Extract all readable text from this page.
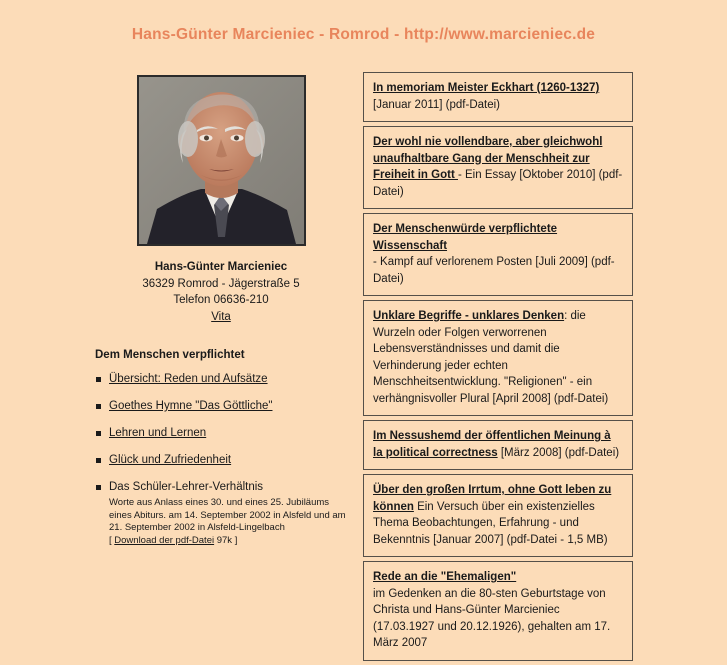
Hans-Günter Marcieniec - Romrod - http://www.marcieniec.de
Hans-Günter Marcieniec
36329 Romrod - Jägerstraße 5
Telefon 06636-210
Vita
Dem Menschen verpflichtet
Übersicht: Reden und Aufsätze
Goethes Hymne "Das Göttliche"
Lehren und Lernen
Glück und Zufriedenheit
Das Schüler-Lehrer-Verhältnis
Worte aus Anlass eines 30. und eines 25. Jubiläums eines Abiturs. am 14. September 2002 in Alsfeld und am 21. September 2002 in Alsfeld-Lingelbach
[ Download der pdf-Datei 97k ]
In memoriam Meister Eckhart (1260-1327)
[Januar 2011] (pdf-Datei)
Der wohl nie vollendbare, aber gleichwohl unaufhaltbare Gang der Menschheit zur Freiheit in Gott - Ein Essay [Oktober 2010] (pdf-Datei)
Der Menschenwürde verpflichtete Wissenschaft
- Kampf auf verlorenem Posten [Juli 2009] (pdf-Datei)
Unklare Begriffe - unklares Denken: die Wurzeln oder Folgen verworrenen Lebensverständnisses und damit die Verhinderung jeder echten Menschheitsentwicklung. "Religionen" - ein verhängnisvoller Plural [April 2008] (pdf-Datei)
Im Nessushemd der öffentlichen Meinung à la political correctness [März 2008] (pdf-Datei)
Über den großen Irrtum, ohne Gott leben zu können Ein Versuch über ein existenzielles Thema Beobachtungen, Erfahrung - und Bekenntnis [Januar 2007] (pdf-Datei - 1,5 MB)
Rede an die "Ehemaligen"
im Gedenken an die 80-sten Geburtstage von Christa und Hans-Günter Marcieniec (17.03.1927 und 20.12.1926), gehalten am 17. März 2007
